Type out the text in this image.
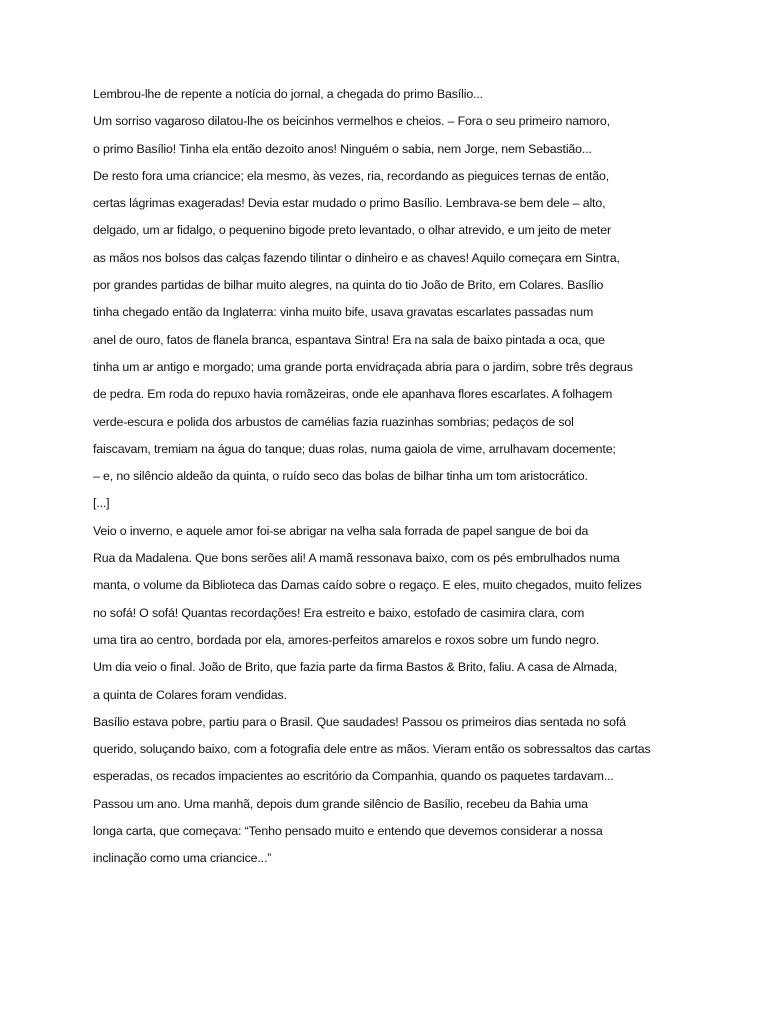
Lembrou-lhe de repente a notícia do jornal, a chegada do primo Basílio...
Um sorriso vagaroso dilatou-lhe os beicinhos vermelhos e cheios. – Fora o seu primeiro namoro,
o primo Basílio! Tinha ela então dezoito anos! Ninguém o sabia, nem Jorge, nem Sebastião...
De resto fora uma criancice; ela mesmo, às vezes, ria, recordando as pieguices ternas de então,
certas lágrimas exageradas! Devia estar mudado o primo Basílio. Lembrava-se bem dele – alto,
delgado, um ar fidalgo, o pequenino bigode preto levantado, o olhar atrevido, e um jeito de meter
as mãos nos bolsos das calças fazendo tilintar o dinheiro e as chaves! Aquilo começara em Sintra,
por grandes partidas de bilhar muito alegres, na quinta do tio João de Brito, em Colares. Basílio
tinha chegado então da Inglaterra: vinha muito bife, usava gravatas escarlates passadas num
anel de ouro, fatos de flanela branca, espantava Sintra! Era na sala de baixo pintada a oca, que
tinha um ar antigo e morgado; uma grande porta envidraçada abria para o jardim, sobre três degraus
de pedra. Em roda do repuxo havia romãzeiras, onde ele apanhava flores escarlates. A folhagem
verde-escura e polida dos arbustos de camélias fazia ruazinhas sombrias; pedaços de sol
faiscavam, tremiam na água do tanque; duas rolas, numa gaiola de vime, arrulhavam docemente;
– e, no silêncio aldeão da quinta, o ruído seco das bolas de bilhar tinha um tom aristocrático.
[...]
Veio o inverno, e aquele amor foi-se abrigar na velha sala forrada de papel sangue de boi da
Rua da Madalena. Que bons serões ali! A mamã ressonava baixo, com os pés embrulhados numa
manta, o volume da Biblioteca das Damas caído sobre o regaço. E eles, muito chegados, muito felizes
no sofá! O sofá! Quantas recordações! Era estreito e baixo, estofado de casimira clara, com
uma tira ao centro, bordada por ela, amores-perfeitos amarelos e roxos sobre um fundo negro.
Um dia veio o final. João de Brito, que fazia parte da firma Bastos & Brito, faliu. A casa de Almada,
a quinta de Colares foram vendidas.
Basílio estava pobre, partiu para o Brasil. Que saudades! Passou os primeiros dias sentada no sofá
querido, soluçando baixo, com a fotografia dele entre as mãos. Vieram então os sobressaltos das cartas
esperadas, os recados impacientes ao escritório da Companhia, quando os paquetes tardavam...
Passou um ano. Uma manhã, depois dum grande silêncio de Basílio, recebeu da Bahia uma
longa carta, que começava: “Tenho pensado muito e entendo que devemos considerar a nossa
inclinação como uma criancice...”
